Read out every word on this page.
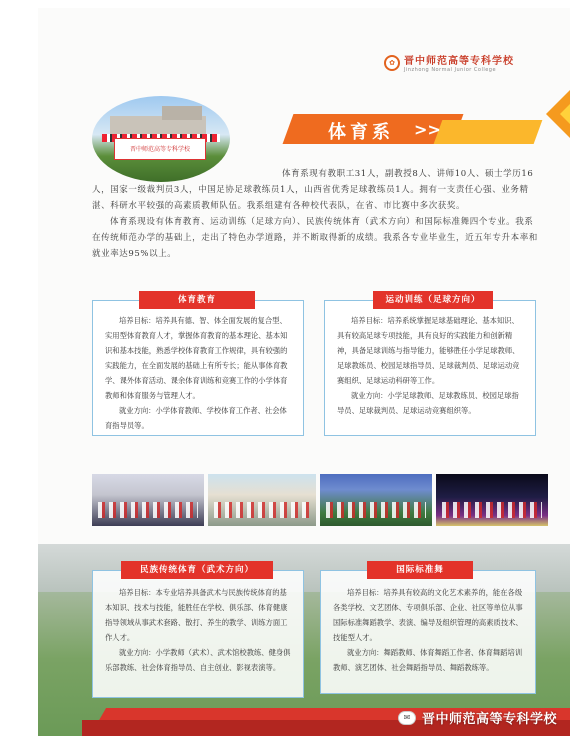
✿ 晋中师范高等专科学校
Jinzhong Normal Junior College
晋中师范高等专科学校
体育系 >>

体育系现有教职工31人，副教授8人、讲师10人、硕士学历16人，国家一级裁判员3人，中国足协足球教练员1人，山西省优秀足球教练员1人。拥有一支责任心强、业务精湛、科研水平较强的高素质教师队伍。我系组建有各种校代表队，在省、市比赛中多次获奖。

体育系现设有体育教育、运动训练（足球方向）、民族传统体育（武术方向）和国际标准舞四个专业。我系在传统师范办学的基础上，走出了特色办学道路，并不断取得新的成绩。我系各专业毕业生，近五年专升本率和就业率达95%以上。

体育教育

培养目标：培养具有德、智、体全面发展的复合型、实用型体育教育人才，掌握体育教育的基本理论、基本知识和基本技能，熟悉学校体育教育工作规律，具有较强的实践能力，在全面发展的基础上有所专长；能从事体育教学、课外体育活动、课余体育训练和竞赛工作的小学体育教师和体育服务与管理人才。

就业方向：小学体育教师、学校体育工作者、社会体育指导员等。

运动训练（足球方向）

培养目标：培养系统掌握足球基础理论、基本知识、具有较高足球专项技能，具有良好的实践能力和创新精神，具备足球训练与指导能力，能够胜任小学足球教师、足球教练员、校园足球指导员、足球裁判员、足球运动竞赛组织、足球运动科研等工作。

就业方向：小学足球教师、足球教练员、校园足球指导员、足球裁判员、足球运动竞赛组织等。

民族传统体育（武术方向）

培养目标：本专业培养具备武术与民族传统体育的基本知识、技术与技能，能胜任在学校、俱乐部、体育健康指导领域从事武术套路、散打、养生的教学、训练方面工作人才。

就业方向：小学教师（武术）、武术馆校教练、健身俱乐部教练、社会体育指导员、自主创业、影视表演等。

国际标准舞

培养目标：培养具有较高的文化艺术素养的，能在各级各类学校、文艺团体、专项俱乐部、企业、社区等单位从事国际标准舞蹈教学、表演、编导及组织管理的高素质技术、技能型人才。

就业方向：舞蹈教师、体育舞蹈工作者、体育舞蹈培训教师、演艺团体、社会舞蹈指导员、舞蹈教练等。

✉ 晋中师范高等专科学校
